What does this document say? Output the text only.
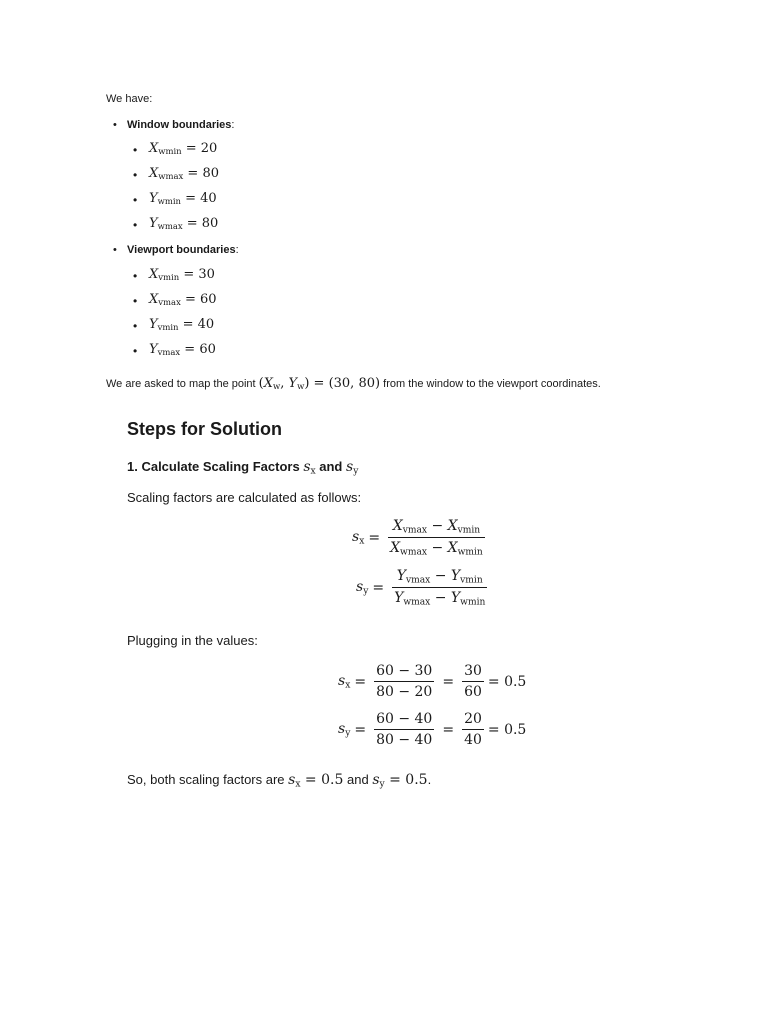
We have:
• Window boundaries:
• $X_{wmin} = 20$
• $X_{wmax} = 80$
• $Y_{wmin} = 40$
• $Y_{wmax} = 80$
• Viewport boundaries:
• $X_{vmin} = 30$
• $X_{vmax} = 60$
• $Y_{vmin} = 40$
• $Y_{vmax} = 60$
We are asked to map the point ($X_w$, $Y_w) = (30$, 80) from the window to the viewport coordinates.
Steps for Solution
1. Calculate Scaling Factors $s_x$ and $s_y$
Scaling factors are calculated as follows:
$s_x = \frac{X_{vmax} - X_{vmin}}{X_{wmax} - X_{wmin}}$
$s_y = \frac{Y_{vmax} - Y_{vmin}}{Y_{wmax} - Y_{wmin}}$
Plugging in the values:
$s_x = \frac{60 - 30}{80 - 20} = \frac{30}{60} = 0.5$
$s_y = \frac{60 - 40}{80 - 40} = \frac{20}{40} = 0.5$
So, both scaling factors are $s_x = 0.5$ and $s_y = 0.5$.
